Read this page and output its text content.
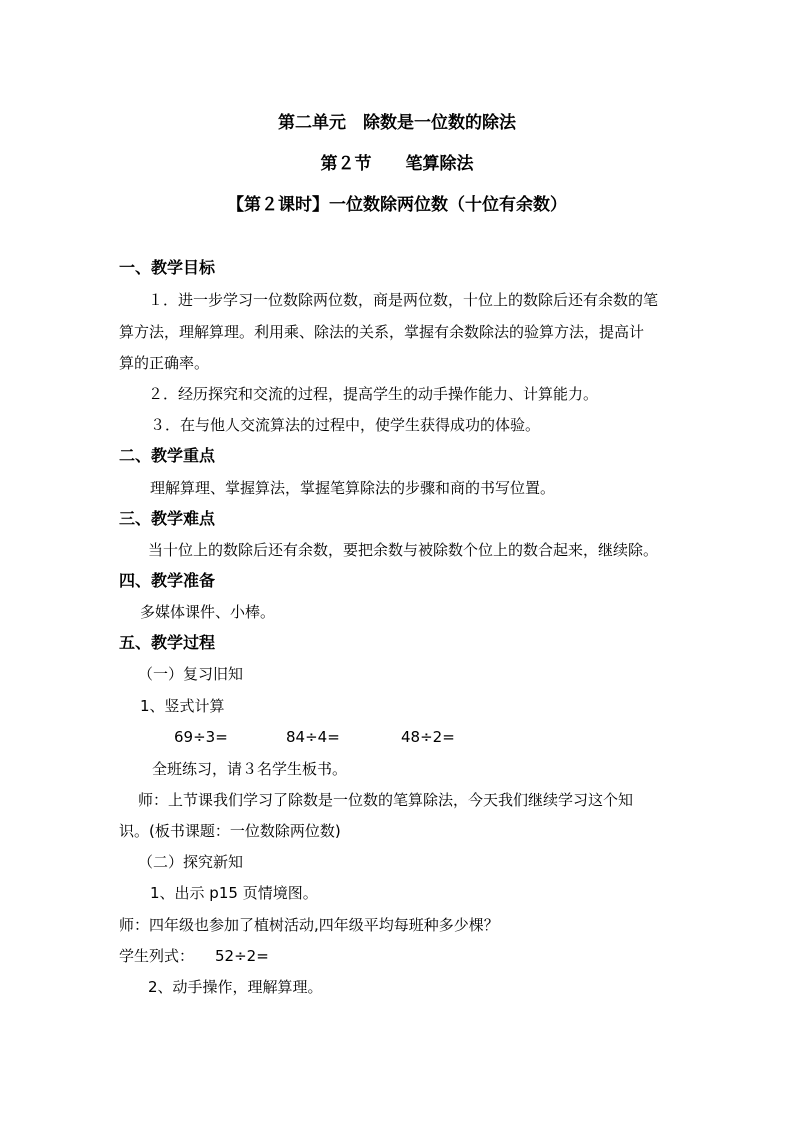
第二单元　除数是一位数的除法
第２节　　笔算除法
【第２课时】一位数除两位数（十位有余数）
一、教学目标
１．进一步学习一位数除两位数，商是两位数，十位上的数除后还有余数的笔
算方法，理解算理。利用乘、除法的关系，掌握有余数除法的验算方法，提高计
算的正确率。
２．经历探究和交流的过程，提高学生的动手操作能力、计算能力。
３．在与他人交流算法的过程中，使学生获得成功的体验。
二、教学重点
理解算理、掌握算法，掌握笔算除法的步骤和商的书写位置。
三、教学难点
当十位上的数除后还有余数，要把余数与被除数个位上的数合起来，继续除。
四、教学准备
多媒体课件、小棒。
五、教学过程
（一）复习旧知
1、竖式计算
69÷3=	84÷4=	48÷2=
全班练习，请３名学生板书。
师：上节课我们学习了除数是一位数的笔算除法，今天我们继续学习这个知
识。(板书课题：一位数除两位数)
（二）探究新知
1、出示 p15 页情境图。
师：四年级也参加了植树活动,四年级平均每班种多少棵？
学生列式： 52÷2=
2、动手操作，理解算理。
